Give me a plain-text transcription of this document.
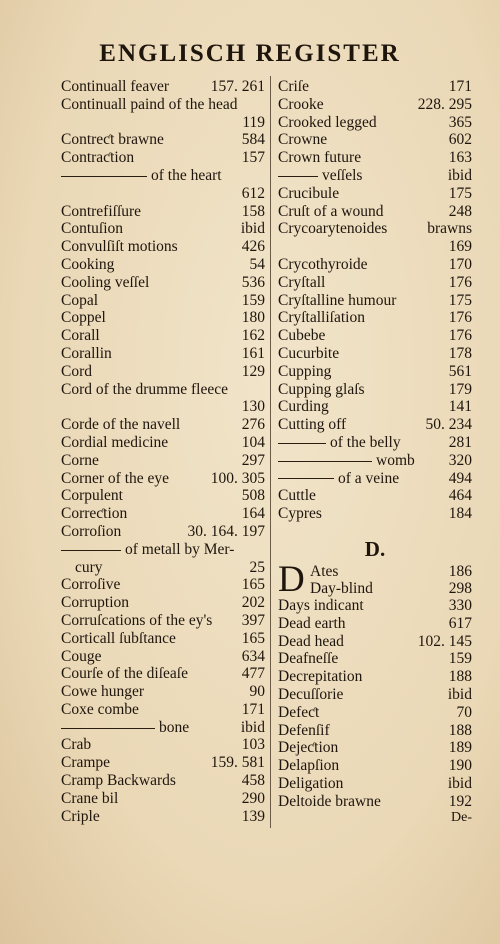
ENGLISCH REGISTER
Continuall feaver	157. 261
Continuall paind of the head
119
Contreƈt brawne	584
Contraƈtion	157
of the heart
612
Contrefiſſure	158
Contuſion	ibid
Convulſiſt motions	426
Cooking	54
Cooling veſſel	536
Copal	159
Coppel	180
Corall	162
Corallin	161
Cord	129
Cord of the drumme fleece
130
Corde of the navell	276
Cordial medicine	104
Corne	297
Corner of the eye	100. 305
Corpulent	508
Correƈtion	164
Corroſion	30. 164. 197
of metall by Mer-
cury	25
Corroſive	165
Corruption	202
Corruſcations of the ey's 397
Corticall ſubſtance	165
Couge	634
Courſe of the diſeaſe	477
Cowe hunger	90
Coxe combe	171
bone	ibid
Crab	103
Crampe	159. 581
Cramp Backwards	458
Crane bil	290
Criple	139
Criſe	171
Crooke	228. 295
Crooked legged	365
Crowne	602
Crown future	163
veſſels	ibid
Crucibule	175
Cruſt of a wound	248
Crycoarytenoides	brawns
169
Crycothyroide	170
Cryſtall	176
Cryſtalline humour	175
Cryſtalliſation	176
Cubebe	176
Cucurbite	178
Cupping	561
Cupping glaſs	179
Curding	141
Cutting off	50. 234
of the belly	281
womb 320
of a veine	494
Cuttle	464
Cypres	184
D.
D Ates	186
Day-blind	298
Days indicant	330
Dead earth	617
Dead head	102. 145
Deafneſſe	159
Decrepitation	188
Decuſſorie	ibid
Defeƈt	70
Defenſif	188
Dejeƈtion	189
Delapſion	190
Deligation	ibid
Deltoide brawne	192
De-
